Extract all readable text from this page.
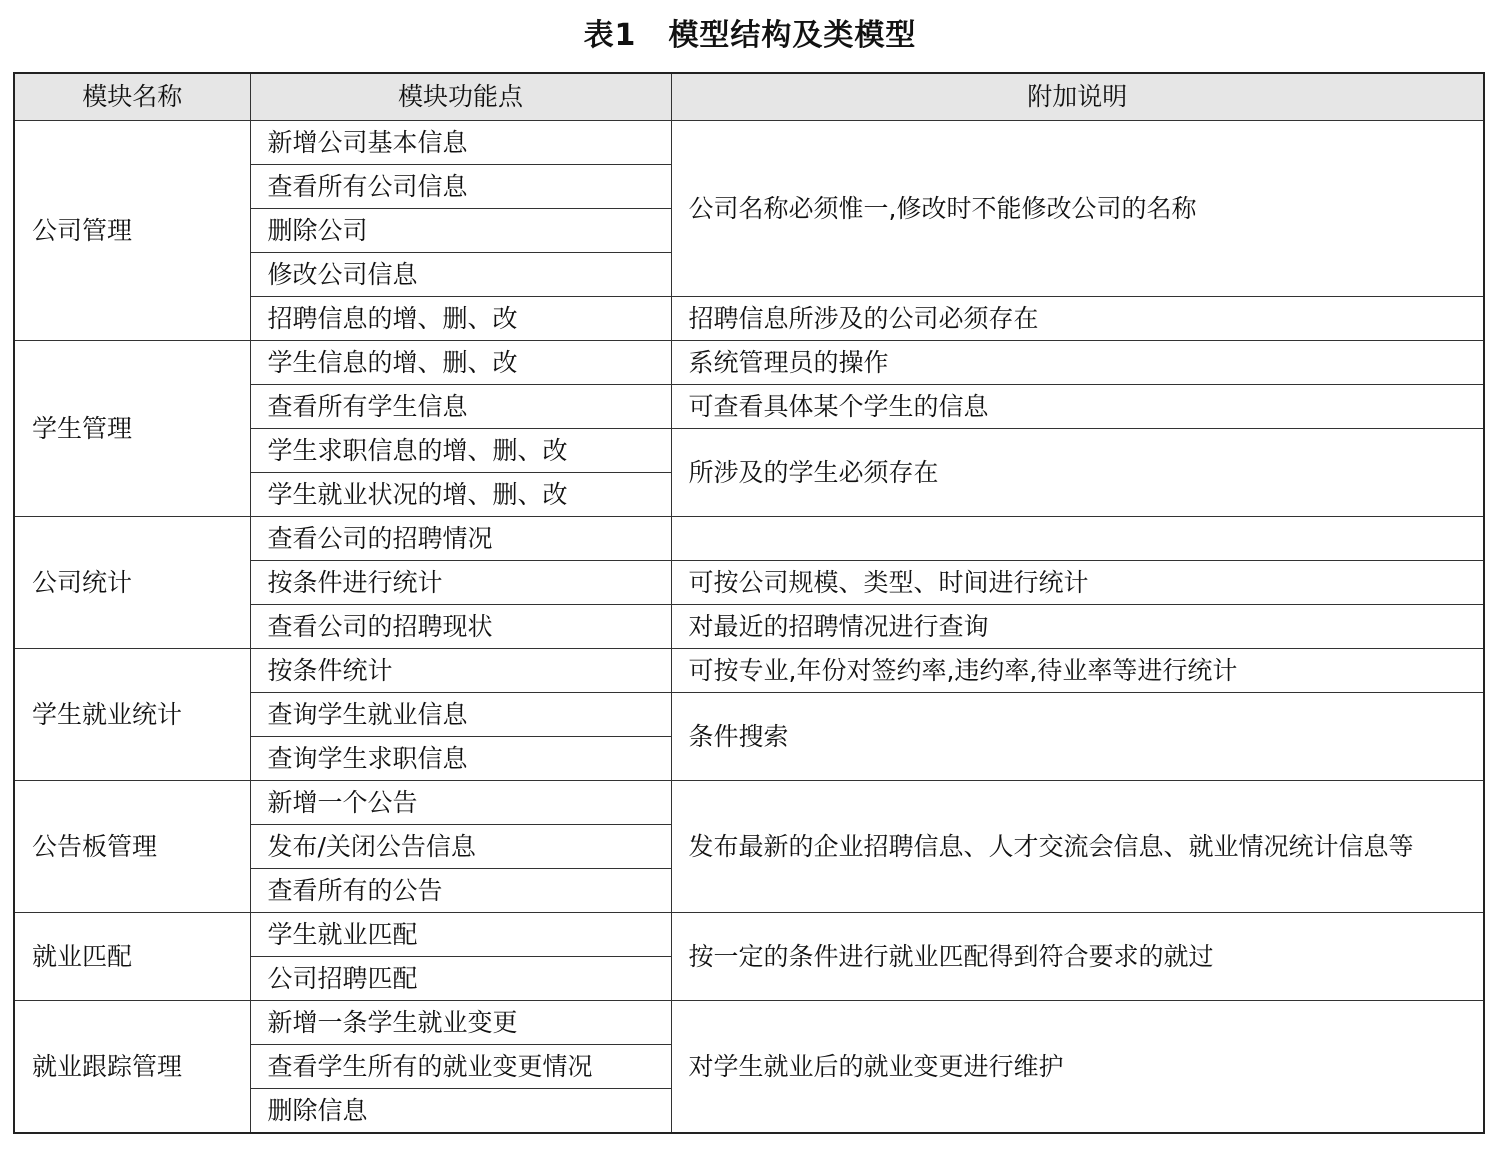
表1 模型结构及类模型
模块名称	模块功能点	附加说明
公司管理	新增公司基本信息	公司名称必须惟一,修改时不能修改公司的名称
	查看所有公司信息	
	删除公司	
	修改公司信息	
	招聘信息的增、删、改	招聘信息所涉及的公司必须存在
学生管理	学生信息的增、删、改	系统管理员的操作
	查看所有学生信息	可查看具体某个学生的信息
	学生求职信息的增、删、改	所涉及的学生必须存在
	学生就业状况的增、删、改	
公司统计	查看公司的招聘情况	
	按条件进行统计	可按公司规模、类型、时间进行统计
	查看公司的招聘现状	对最近的招聘情况进行查询
学生就业统计	按条件统计	可按专业,年份对签约率,违约率,待业率等进行统计
	查询学生就业信息	条件搜索
	查询学生求职信息	
公告板管理	新增一个公告	发布最新的企业招聘信息、人才交流会信息、就业情况统计信息等
	发布/关闭公告信息	
	查看所有的公告	
就业匹配	学生就业匹配	按一定的条件进行就业匹配得到符合要求的就过
	公司招聘匹配	
就业跟踪管理	新增一条学生就业变更	对学生就业后的就业变更进行维护
	查看学生所有的就业变更情况	
	删除信息	
